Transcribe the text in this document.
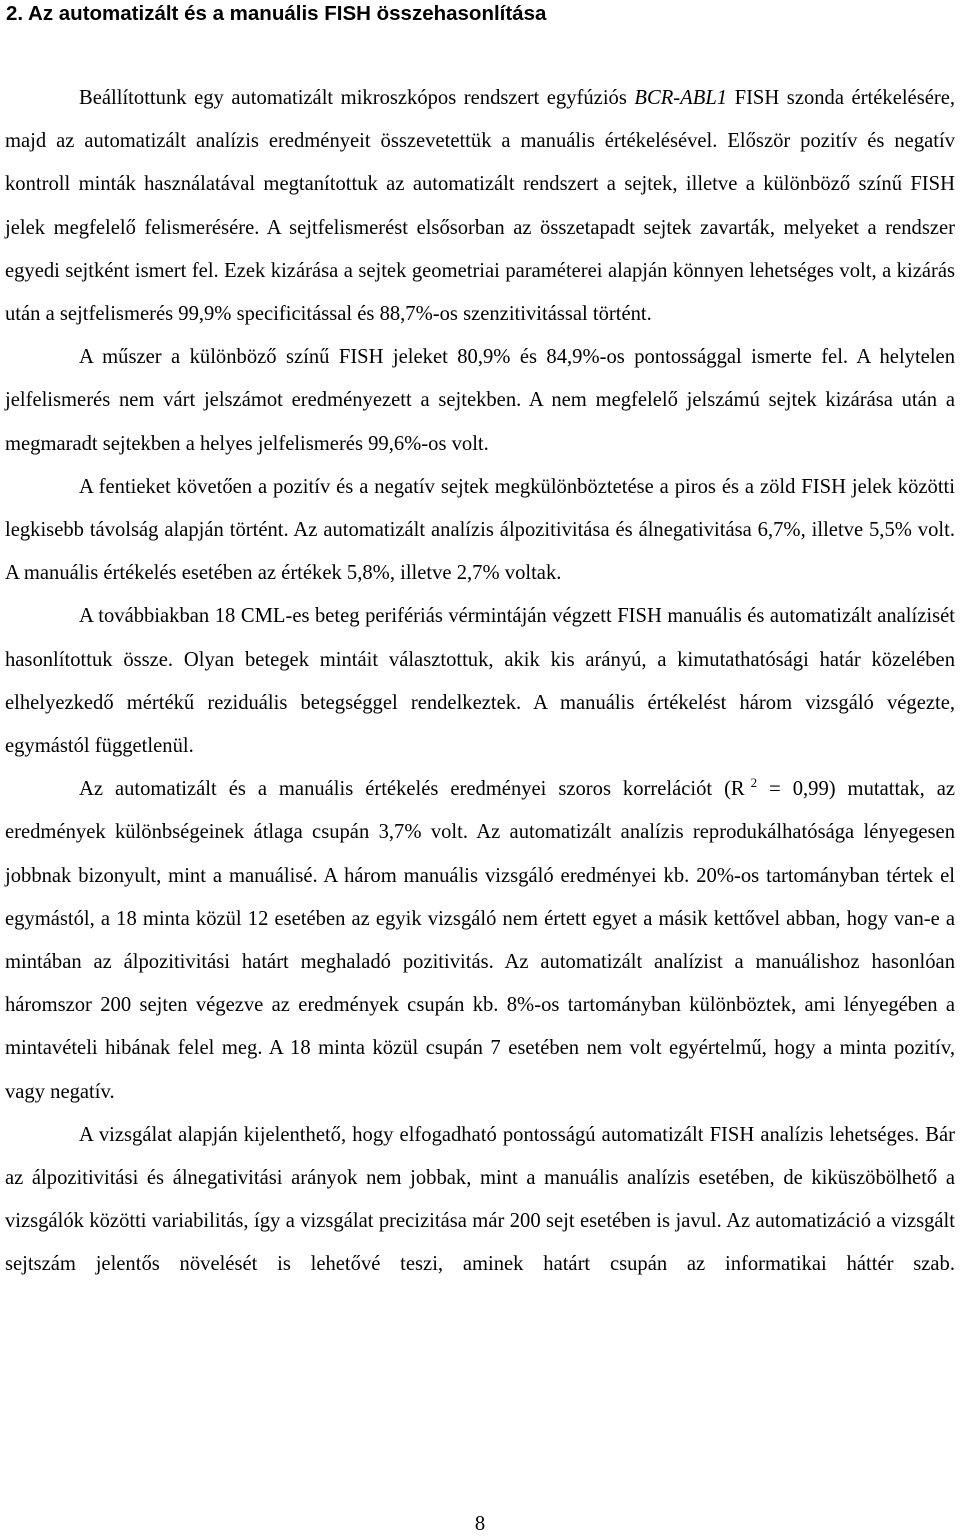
2. Az automatizált és a manuális FISH összehasonlítása

Beállítottunk egy automatizált mikroszkópos rendszert egyfúziós BCR-ABL1 FISH szonda értékelésére, majd az automatizált analízis eredményeit összevetettük a manuális értékelésével. Először pozitív és negatív kontroll minták használatával megtanítottuk az automatizált rendszert a sejtek, illetve a különböző színű FISH jelek megfelelő felismerésére. A sejtfelismerést elsősorban az összetapadt sejtek zavarták, melyeket a rendszer egyedi sejtként ismert fel. Ezek kizárása a sejtek geometriai paraméterei alapján könnyen lehetséges volt, a kizárás után a sejtfelismerés 99,9% specificitással és 88,7%-os szenzitivitással történt.

A műszer a különböző színű FISH jeleket 80,9% és 84,9%-os pontossággal ismerte fel. A helytelen jelfelismerés nem várt jelszámot eredményezett a sejtekben. A nem megfelelő jelszámú sejtek kizárása után a megmaradt sejtekben a helyes jelfelismerés 99,6%-os volt.

A fentieket követően a pozitív és a negatív sejtek megkülönböztetése a piros és a zöld FISH jelek közötti legkisebb távolság alapján történt. Az automatizált analízis álpozitivitása és álnegativitása 6,7%, illetve 5,5% volt. A manuális értékelés esetében az értékek 5,8%, illetve 2,7% voltak.

A továbbiakban 18 CML-es beteg perifériás vérmintáján végzett FISH manuális és automatizált analízisét hasonlítottuk össze. Olyan betegek mintáit választottuk, akik kis arányú, a kimutathatósági határ közelében elhelyezkedő mértékű reziduális betegséggel rendelkeztek. A manuális értékelést három vizsgáló végezte, egymástól függetlenül.

Az automatizált és a manuális értékelés eredményei szoros korrelációt (R $^2$ = 0,99) mutattak, az eredmények különbségeinek átlaga csupán 3,7% volt. Az automatizált analízis reprodukálhatósága lényegesen jobbnak bizonyult, mint a manuálisé. A három manuális vizsgáló eredményei kb. 20%-os tartományban tértek el egymástól, a 18 minta közül 12 esetében az egyik vizsgáló nem értett egyet a másik kettővel abban, hogy van-e a mintában az álpozitivitási határt meghaladó pozitivitás. Az automatizált analízist a manuálishoz hasonlóan háromszor 200 sejten végezve az eredmények csupán kb. 8%-os tartományban különböztek, ami lényegében a mintavételi hibának felel meg. A 18 minta közül csupán 7 esetében nem volt egyértelmű, hogy a minta pozitív, vagy negatív.

A vizsgálat alapján kijelenthető, hogy elfogadható pontosságú automatizált FISH analízis lehetséges. Bár az álpozitivitási és álnegativitási arányok nem jobbak, mint a manuális analízis esetében, de kiküszöbölhető a vizsgálók közötti variabilitás, így a vizsgálat precizitása már 200 sejt esetében is javul. Az automatizáció a vizsgált sejtszám jelentős növelését is lehetővé teszi, aminek határt csupán az informatikai háttér szab.

8
